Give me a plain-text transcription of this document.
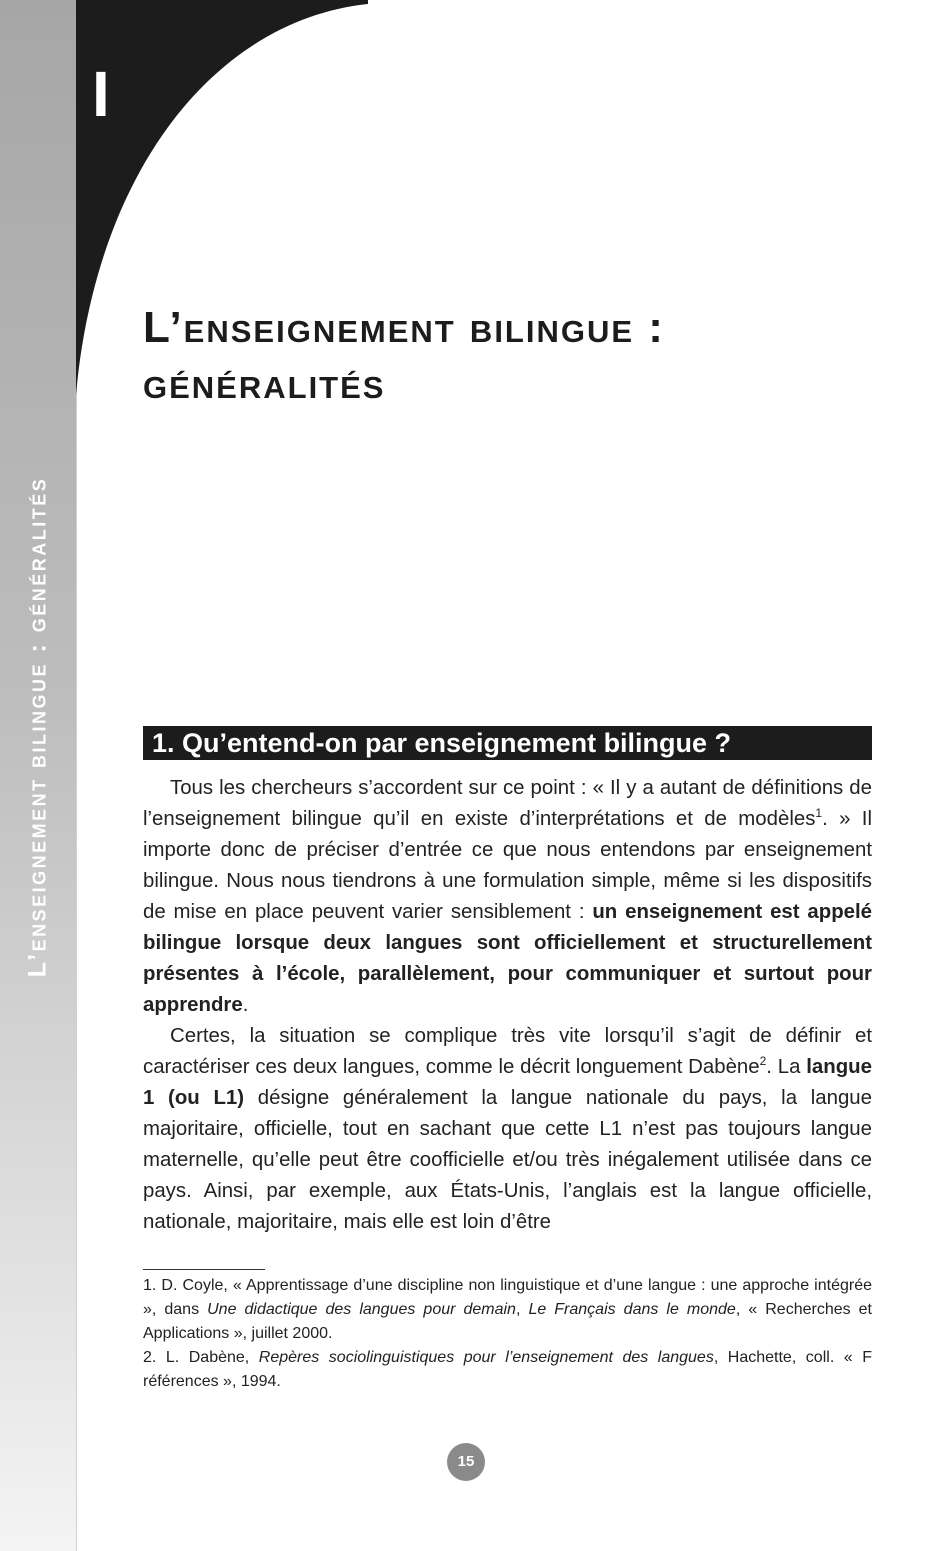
I
L’enseignement bilingue : généralités
L’enseignement bilingue :
généralités
1. Qu’entend-on par enseignement bilingue ?

Tous les chercheurs s’accordent sur ce point : « Il y a autant de définitions de l’enseignement bilingue qu’il en existe d’interprétations et de modèles$^1$. » Il importe donc de préciser d’entrée ce que nous entendons par enseignement bilingue. Nous nous tiendrons à une formulation simple, même si les dispositifs de mise en place peuvent varier sensiblement : un enseignement est appelé bilingue lorsque deux langues sont officiellement et structurellement présentes à l’école, parallèlement, pour communiquer et surtout pour apprendre.

Certes, la situation se complique très vite lorsqu’il s’agit de définir et caractériser ces deux langues, comme le décrit longuement Dabène$^2$. La langue 1 (ou L1) désigne généralement la langue nationale du pays, la langue majoritaire, officielle, tout en sachant que cette L1 n’est pas toujours langue maternelle, qu’elle peut être coofficielle et/ou très inégalement utilisée dans ce pays. Ainsi, par exemple, aux États-Unis, l’anglais est la langue officielle, nationale, majoritaire, mais elle est loin d’être

1. D. Coyle, « Apprentissage d’une discipline non linguistique et d’une langue : une approche intégrée », dans Une didactique des langues pour demain, Le Français dans le monde, « Recherches et Applications », juillet 2000.

2. L. Dabène, Repères sociolinguistiques pour l’enseignement des langues, Hachette, coll. « F références », 1994.

15
